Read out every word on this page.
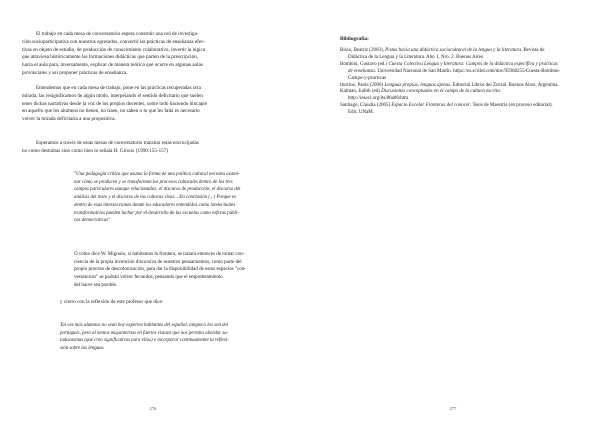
El trabajo en cada mesa de conversatorio espera construir una red de investiga-
ción socioparticipativa con nuestros egresados, convertir las prácticas de enseñanza efec-
tivas en objeto de estudio, de producción de conocimiento colaborativo, invertir la lógica
que atraviesa históricamente las formaciones didácticas que parten de la prescripción,
hacia el aula para, inversamente, explicar de manera teórica qué ocurre en algunas aulas
provinciales y así proponer prácticas de enseñanza.

Entendemos que en cada mesa de trabajo, pone en las prácticas recuperadas otra
mirada, las resignificamos de algún modo, interpelando el sentido deficitario que suelen
tener dichas narrativas desde la voz de los propios docentes, sobre todo haciendo hincapié
en aquello que los alumnos no tienen, no traen, no saben o lo que les falta es necesario
volver la mirada deficitaria a una propositiva.

Esperamos a través de estas mesas de conversatorio transitar estas encrucijadas
no como destrabas sino como bien lo señala H. Giroux (1990:155-157)

"Una pedagogía crítica que asuma la forma de una política cultural necesita exami-
nar cómo se producen y se transforman los procesos culturales dentro de los tres
campos particulares aunque relacionados: el discurso de producción, el discurso del
análisis del texto y el discurso de las culturas vivas... En conclusión (...) Porque es
dentro de esas intersecciones donde los educadores entendidos como intelectuales
transformativos pueden luchar por el desarrollo de las escuelas como esferas públi-
cas democráticas"

O como dice W. Mignolo, si habitamos la frontera, se tratará entonces de tomar con-
ciencia de la propia invención discursiva de nuestros pensamientos, como parte del
propio proceso de descolonización, para dar la disponibilidad de estos espacios "con-
versatorios" se podrán volver fecundos, pensando que el empoderamiento
del hacer sea posible.

y cierro con la reflexión de este profesor que dice:

Tal vez más alumnos no sean hoy expertos hablantes del español, tampoco los son del
portugués, pero al menos muyanternos en fuertes vistazo que nos permita abordar sa-
ludacasmas (que creo significativos para ellos) e incorporar continuamente la reflexi-
sión sobre las lenguas.

276

Bibliografía:

Bixio, Beatriz (2003), Pistas hacia una didáctica sociocultural de la lengua y la literatura. Revista de Didáctica de la Lengua y la Literatura. Año 1, Nro. 2. Buenos Aires.
Bombini, Gustavo (ed.) Cuesta Colectiva Lengua y literatura: Campos de la didáctica específica y prácticas de enseñanza. Universidad Nacional de San Martín. https://es.scribd.com/doc/95968255/Cuesta-Bombini-Campo-y-practicas
Iturrioz, Paola (2006) Lenguas propias, lenguas ajenas. Editorial Libros del Zorzal. Buenos Aires, Argentina.
Kalman, Judith (ed) Discusiones conceptuales en el campo de la cultura escrita. http://iesecl.org/its/86a06/htm
Santiago, Claudia (2005) Espacio Escolar Fronteras del conocer. Tesis de Maestría (en proceso editorial). Edit. UNaM.
277
